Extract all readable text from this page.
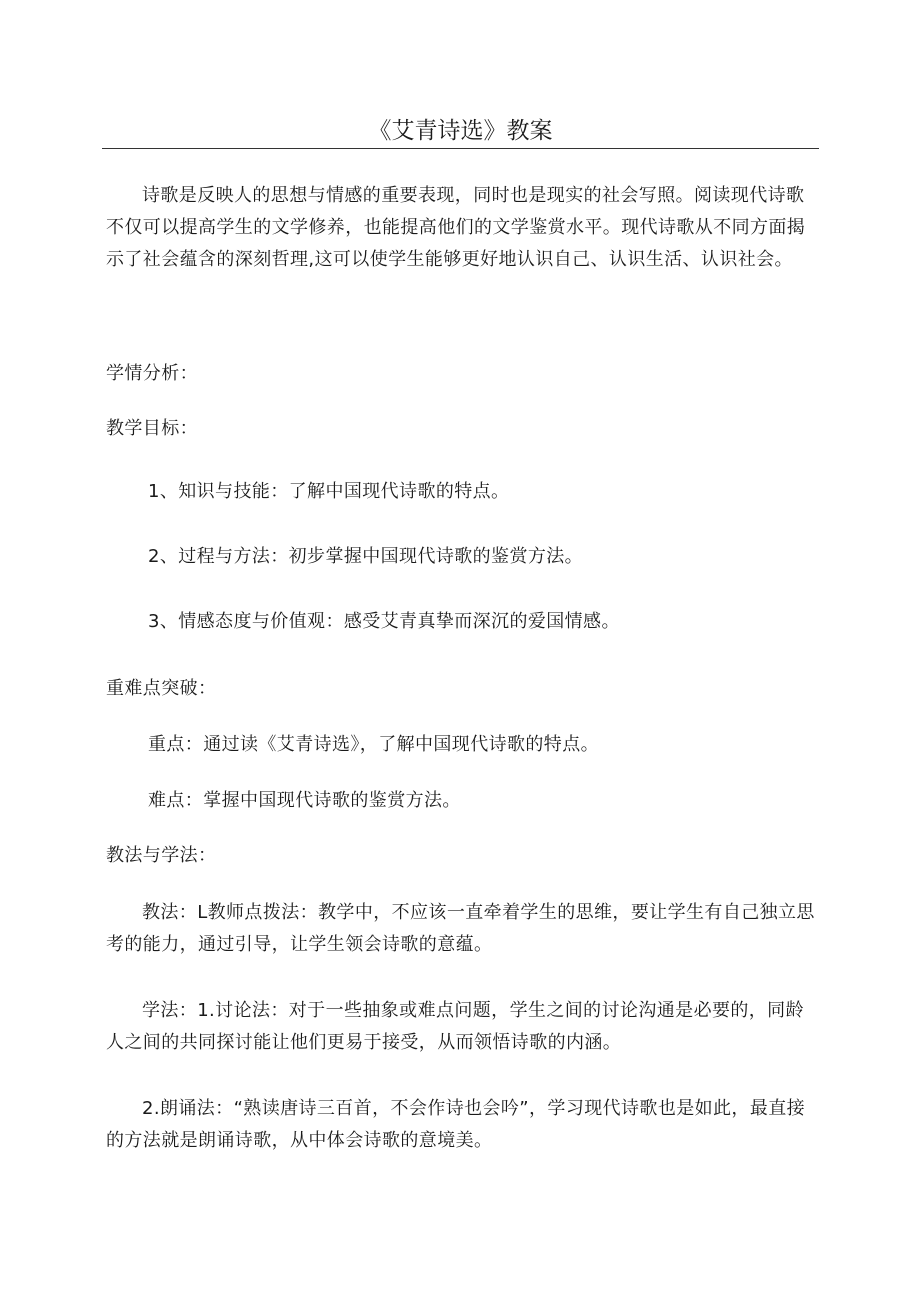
《艾青诗选》教案
诗歌是反映人的思想与情感的重要表现，同时也是现实的社会写照。阅读现代诗歌不仅可以提高学生的文学修养，也能提高他们的文学鉴赏水平。现代诗歌从不同方面揭示了社会蕴含的深刻哲理,这可以使学生能够更好地认识自己、认识生活、认识社会。
学情分析：
教学目标：
1、知识与技能：了解中国现代诗歌的特点。
2、过程与方法：初步掌握中国现代诗歌的鉴赏方法。
3、情感态度与价值观：感受艾青真挚而深沉的爱国情感。
重难点突破：
重点：通过读《艾青诗选》，了解中国现代诗歌的特点。
难点：掌握中国现代诗歌的鉴赏方法。
教法与学法：
教法：L教师点拨法：教学中，不应该一直牵着学生的思维，要让学生有自己独立思考的能力，通过引导，让学生领会诗歌的意蕴。
学法：1.讨论法：对于一些抽象或难点问题，学生之间的讨论沟通是必要的，同龄人之间的共同探讨能让他们更易于接受，从而领悟诗歌的内涵。
2.朗诵法：“熟读唐诗三百首，不会作诗也会吟”，学习现代诗歌也是如此，最直接的方法就是朗诵诗歌，从中体会诗歌的意境美。
